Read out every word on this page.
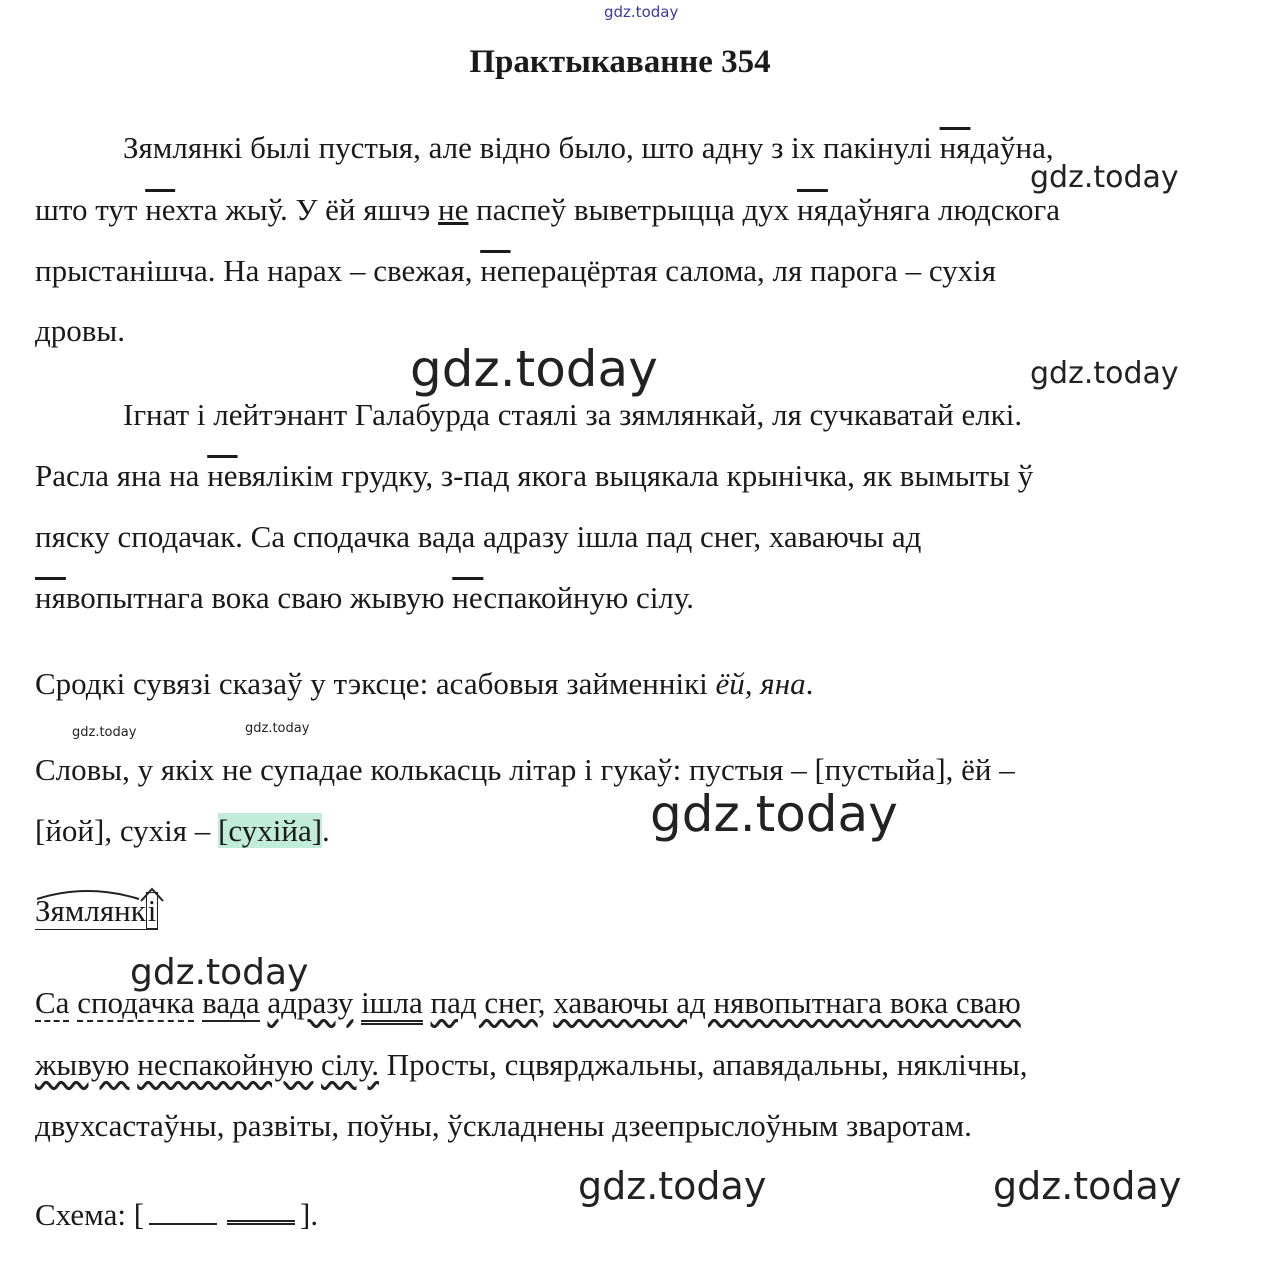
gdz.today
gdz.today
gdz.today	gdz.today
gdz.today	gdz.today
gdz.today
gdz.today
gdz.today	gdz.today
Практыкаванне 354
Зямлянкі былі пустыя, але відно было, што адну з іх пакінулі нядаўна,
што тут нехта жыў. У ёй яшчэ не паспеў выветрыцца дух нядаўняга людскога
прыстанішча. На нарах – свежая, неперацёртая салома, ля парога – сухія
дровы.
Ігнат і лейтэнант Галабурда стаялі за зямлянкай, ля сучкаватай елкі.
Расла яна на невялікім грудку, з-пад якога выцякала крынічка, як вымыты ў
пяску сподачак. Са сподачка вада адразу ішла пад снег, хаваючы ад
нявопытнага вока сваю жывую неспакойную сілу.
Сродкі сувязі сказаў у тэксце: асабовыя займеннікі ёй, яна.
Словы, у якіх не супадае колькасць літар і гукаў: пустыя – [пустыйа], ёй –
[йой], сухія – [сухійа].
Зямлянкі
Са сподачка вада адразу ішла пад снег, хаваючы ад нявопытнага вока сваю
жывую неспакойную сілу. Просты, сцвярджальны, апавядальны, няклічны,
двухсастаўны, развіты, поўны, ўскладнены дзеепрыслоўным зваротам.
Схема: [	].
